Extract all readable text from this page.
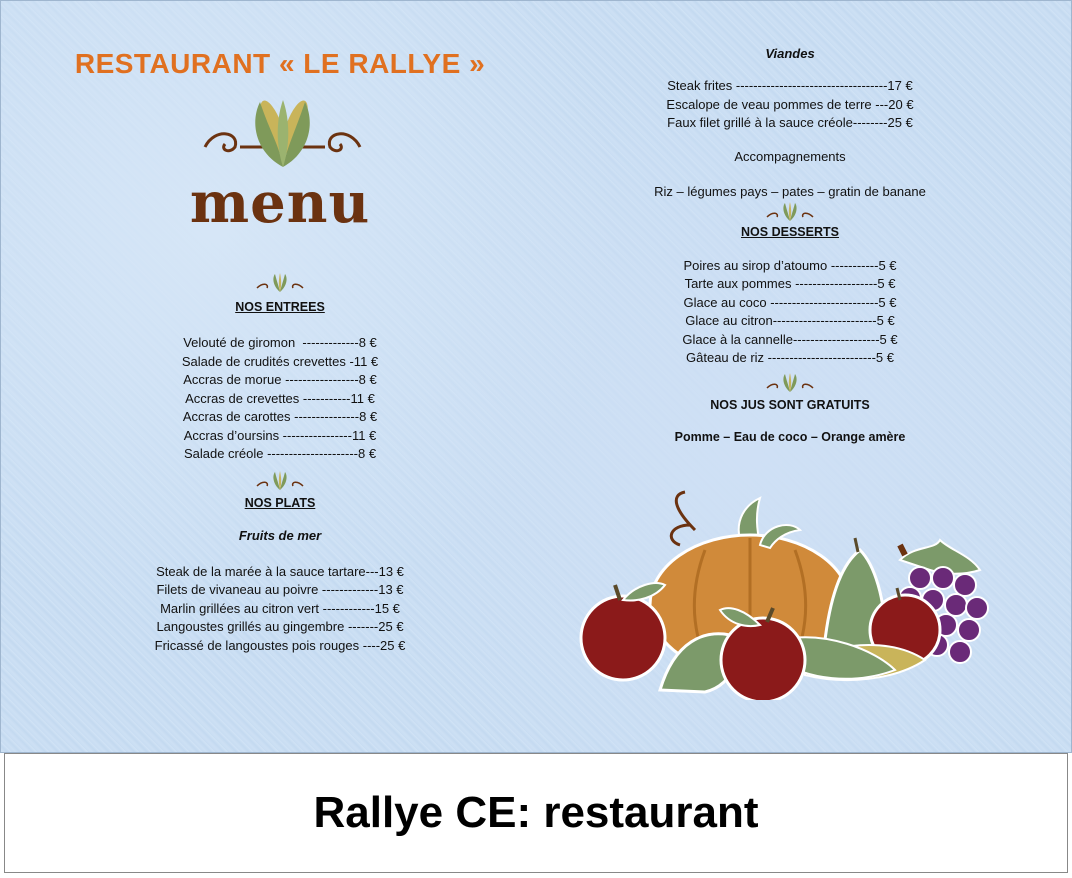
RESTAURANT « LE RALLYE »
menu
NOS ENTREES
Velouté de giromon  -------------8 €
Salade de crudités crevettes -11 €
Accras de morue -----------------8 €
Accras de crevettes -----------11 €
Accras de carottes ---------------8 €
Accras d’oursins ----------------11 €
Salade créole ---------------------8 €
NOS PLATS
Fruits de mer
Steak de la marée à la sauce tartare---13 €
Filets de vivaneau au poivre -------------13 €
Marlin grillées au citron vert ------------15 €
Langoustes grillés au gingembre -------25 €
Fricassé de langoustes pois rouges ----25 €
Viandes
Steak frites -----------------------------------17 €
Escalope de veau pommes de terre ---20 €
Faux filet grillé à la sauce créole--------25 €
Accompagnements
Riz – légumes pays – pates – gratin de banane
NOS DESSERTS
Poires au sirop d’atoumo -----------5 €
Tarte aux pommes -------------------5 €
Glace au coco -------------------------5 €
Glace au citron------------------------5 €
Glace à la cannelle--------------------5 €
Gâteau de riz -------------------------5 €
NOS JUS SONT GRATUITS
Pomme – Eau de coco – Orange amère
Rallye CE: restaurant
